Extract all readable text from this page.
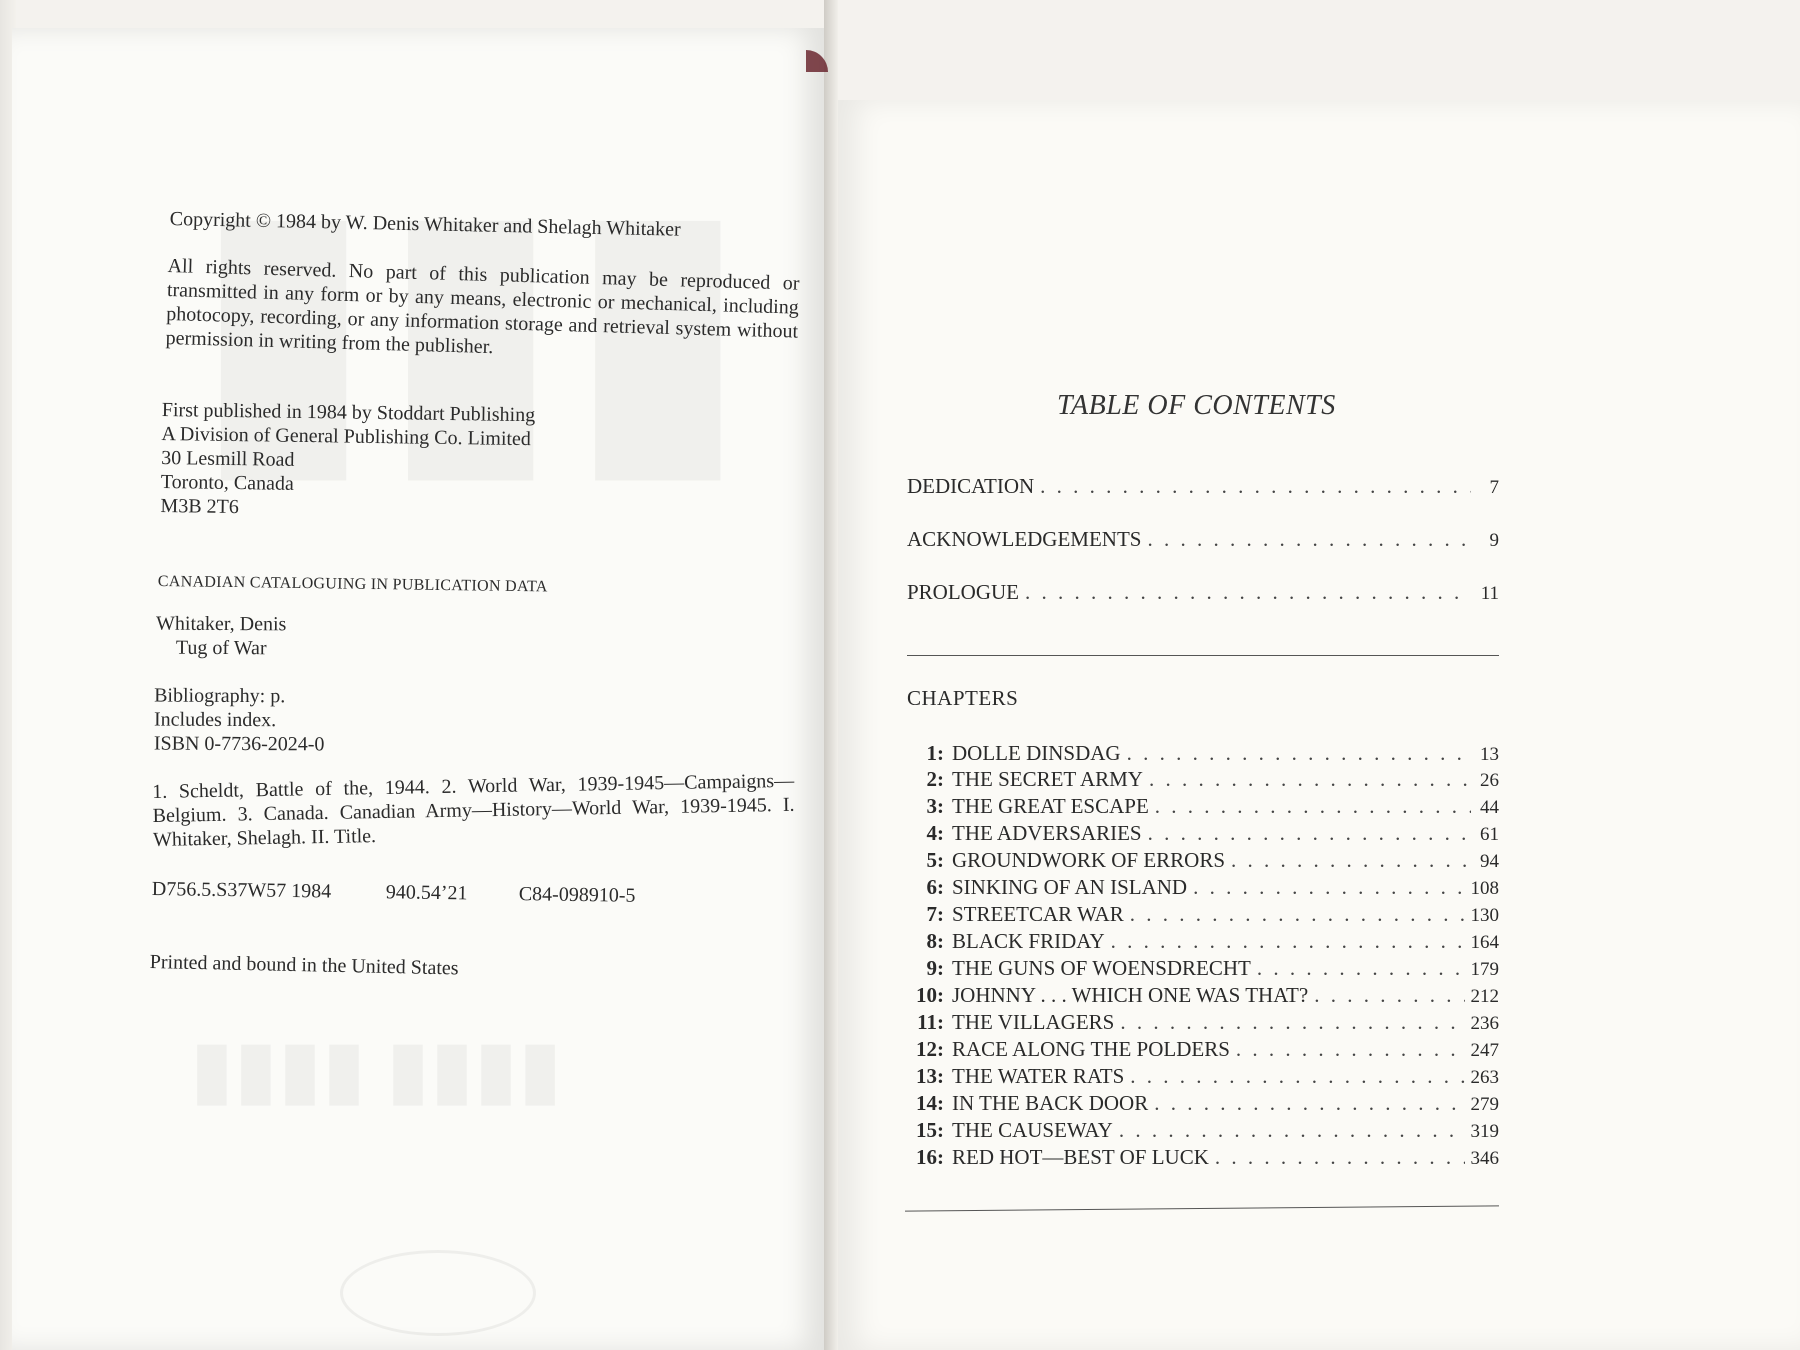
Copyright © 1984 by W. Denis Whitaker and Shelagh Whitaker
All rights reserved. No part of this publication may be reproduced or transmitted in any form or by any means, electronic or mechanical, including photocopy, recording, or any information storage and retrieval system without permission in writing from the publisher.
First published in 1984 by Stoddart Publishing
A Division of General Publishing Co. Limited
30 Lesmill Road
Toronto, Canada
M3B 2T6
CANADIAN CATALOGUING IN PUBLICATION DATA
Whitaker, Denis
Tug of War
Bibliography: p.
Includes index.
ISBN 0-7736-2024-0
1. Scheldt, Battle of the, 1944. 2. World War, 1939-1945—Campaigns—Belgium. 3. Canada. Canadian Army—History—World War, 1939-1945. I. Whitaker, Shelagh. II. Title.
D756.5.S37W57 1984	940.54’21	C84-098910-5
Printed and bound in the United States
TABLE OF CONTENTS
DEDICATION . . .	7
ACKNOWLEDGEMENTS . . .	9
PROLOGUE . . .	11
CHAPTERS
1: DOLLE DINSDAG . . .	13
2: THE SECRET ARMY . . .	26
3: THE GREAT ESCAPE . . .	44
4: THE ADVERSARIES . . .	61
5: GROUNDWORK OF ERRORS . . .	94
6: SINKING OF AN ISLAND . . .	108
7: STREETCAR WAR . . .	130
8: BLACK FRIDAY . . .	164
9: THE GUNS OF WOENSDRECHT . . .	179
10: JOHNNY . . . WHICH ONE WAS THAT? . . .	212
11: THE VILLAGERS . . .	236
12: RACE ALONG THE POLDERS . . .	247
13: THE WATER RATS . . .	263
14: IN THE BACK DOOR . . .	279
15: THE CAUSEWAY . . .	319
16: RED HOT—BEST OF LUCK . . .	346
